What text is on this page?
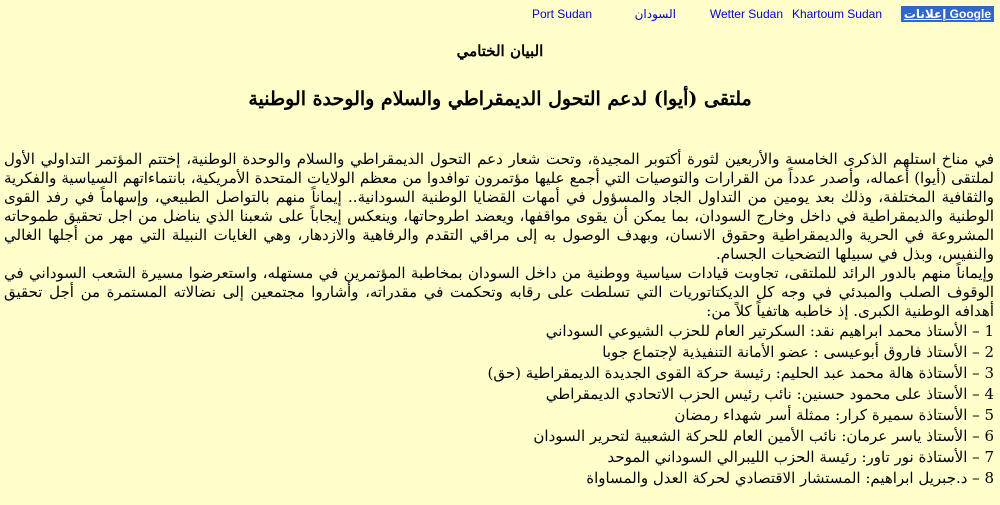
إعلانات Google
Khartoum Sudan
Wetter Sudan
السودان
Port Sudan
البيان الختامي
ملتقى (أيوا) لدعم التحول الديمقراطي والسلام والوحدة الوطنية

في مناخ استلهم الذكرى الخامسة والأربعين لثورة أكتوبر المجيدة، وتحت شعار دعم التحول الديمقراطي والسلام والوحدة الوطنية، إختتم المؤتمر التداولي الأول لملتقى (أيوا) أعماله، وأصدر عدداً من القرارات والتوصيات التي أجمع عليها مؤتمرون توافدوا من معظم الولايات المتحدة الأمريكية، بانتماءاتهم السياسية والفكرية والثقافية المختلفة، وذلك بعد يومين من التداول الجاد والمسؤول في أمهات القضايا الوطنية السودانية.. إيماناً منهم بالتواصل الطبيعي، وإسهاماً في رفد القوى الوطنية والديمقراطية في داخل وخارج السودان، بما يمكن أن يقوى مواقفها، ويعضد اطروحاتها، وينعكس إيجاباً على شعبنا الذي يناضل من اجل تحقيق طموحاته المشروعة في الحرية والديمقراطية وحقوق الانسان، وبهدف الوصول به إلى مراقي التقدم والرفاهية والازدهار، وهي الغايات النبيلة التي مهر من أجلها الغالي والنفيس، وبذل في سبيلها التضحيات الجسام.

وإيماناً منهم بالدور الرائد للملتقى، تجاوبت قيادات سياسية ووطنية من داخل السودان بمخاطبة المؤتمرين في مستهله، واستعرضوا مسيرة الشعب السوداني في الوقوف الصلب والمبدئي في وجه كل الديكتاتوريات التي تسلطت على رقابه وتحكمت في مقدراته، وأشاروا مجتمعين إلى نضالاته المستمرة من أجل تحقيق أهدافه الوطنية الكبرى. إذ خاطبه هاتفياً كلاً من:

1 – الأستاذ محمد ابراهيم نقد: السكرتير العام للحزب الشيوعي السوداني
2 – الأستاذ فاروق أبوعيسى : عضو الأمانة التنفيذية لإجتماع جوبا
3 – الأستاذة هالة محمد عبد الحليم: رئيسة حركة القوى الجديدة الديمقراطية (حق)
4 – الأستاذ على محمود حسنين: نائب رئيس الحزب الاتحادي الديمقراطي
5 – الأستاذة سميرة كرار: ممثلة أسر شهداء رمضان
6 – الأستاذ ياسر عرمان: نائب الأمين العام للحركة الشعبية لتحرير السودان
7 – الأستاذة نور تاور: رئيسة الحزب الليبرالي السوداني الموحد
8 – د.جبريل ابراهيم: المستشار الاقتصادي لحركة العدل والمساواة
